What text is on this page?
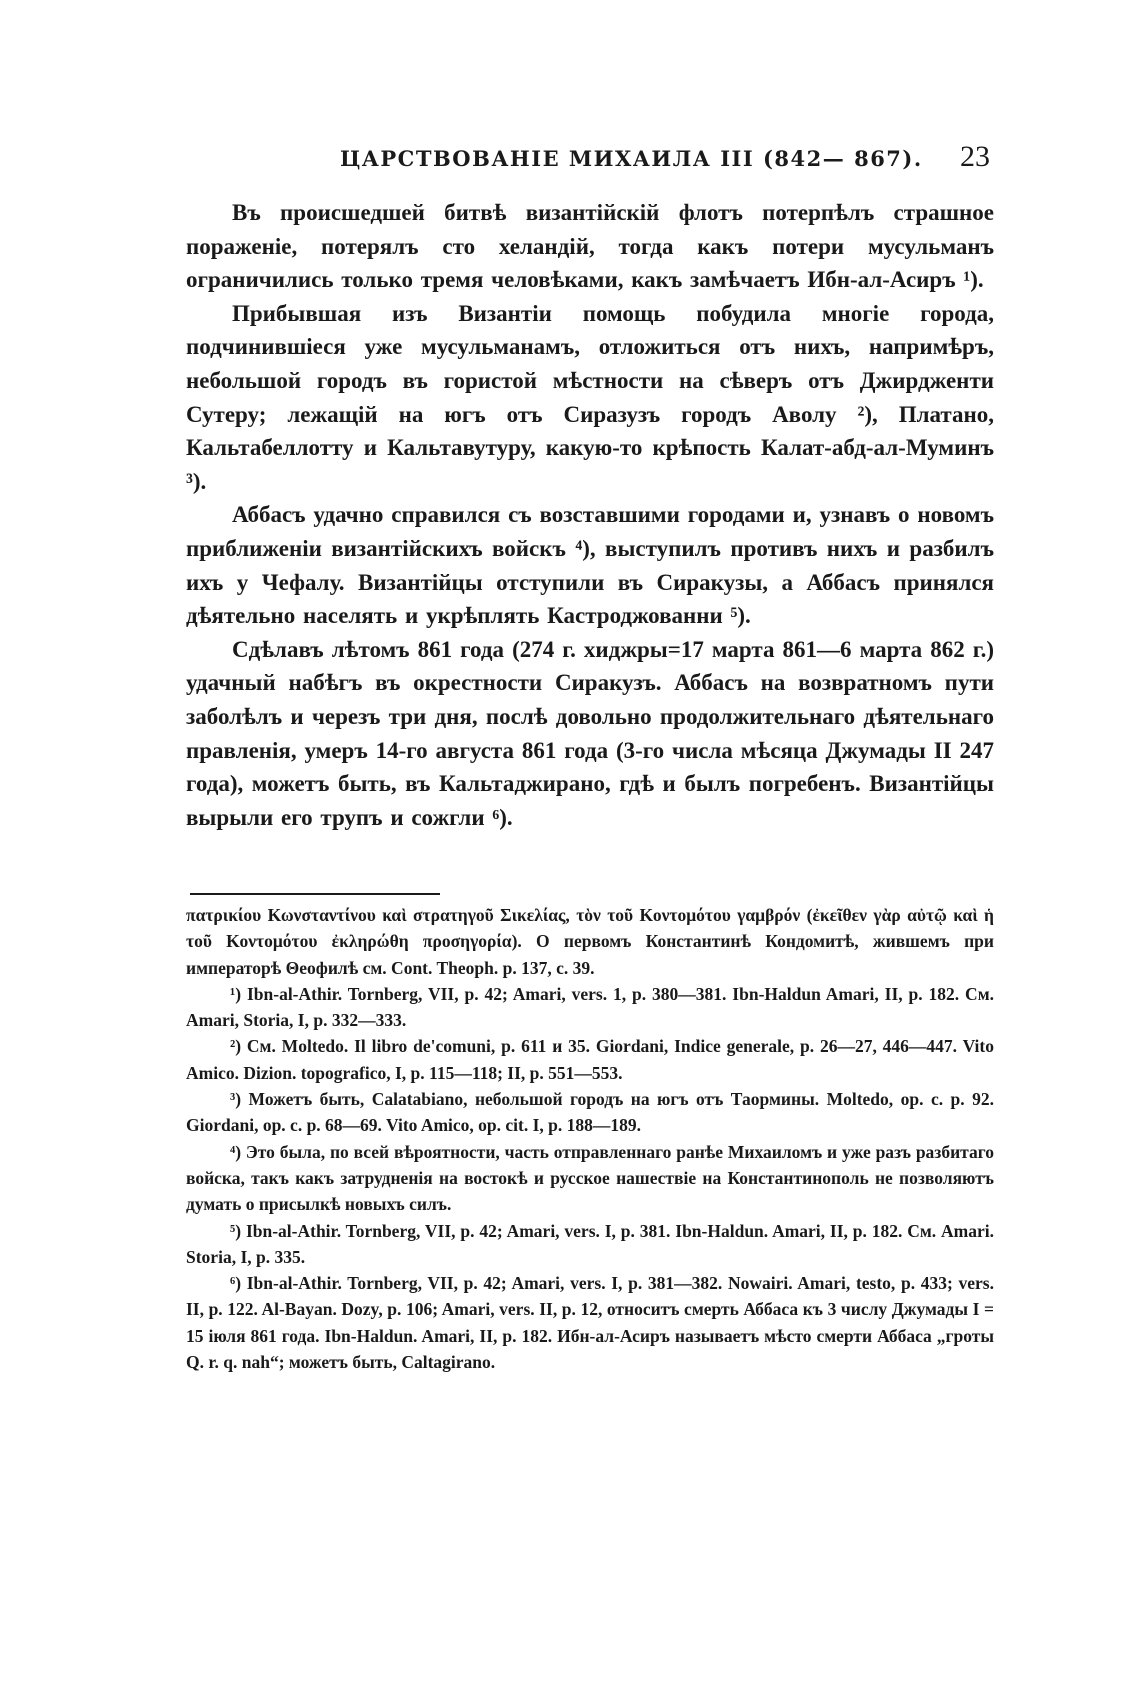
ЦАРСТВОВАНІЕ МИХАИЛА III (842— 867). 23

Въ происшедшей битвѣ византійскій флотъ потерпѣлъ страшное пораженіе, потерялъ сто хеландій, тогда какъ потери мусульманъ ограничились только тремя человѣками, какъ замѣчаетъ Ибн-ал-Асиръ ¹).

Прибывшая изъ Византіи помощь побудила многіе города, подчинившіеся уже мусульманамъ, отложиться отъ нихъ, напримѣръ, небольшой городъ въ гористой мѣстности на сѣверъ отъ Джирдженти Сутеру; лежащій на югъ отъ Сиразузъ городъ Аволу ²), Платано, Кальтабеллотту и Кальтавутуру, какую-то крѣпость Калат-абд-ал-Муминъ ³).

Аббасъ удачно справился съ возставшими городами и, узнавъ о новомъ приближеніи византійскихъ войскъ ⁴), выступилъ противъ нихъ и разбилъ ихъ у Чефалу. Византійцы отступили въ Сиракузы, а Аббасъ принялся дѣятельно населять и укрѣплять Кастроджованни ⁵).

Сдѣлавъ лѣтомъ 861 года (274 г. хиджры=17 марта 861—6 марта 862 г.) удачный набѣгъ въ окрестности Сиракузъ. Аббасъ на возвратномъ пути заболѣлъ и черезъ три дня, послѣ довольно продолжительнаго дѣятельнаго правленія, умеръ 14-го августа 861 года (3-го числа мѣсяца Джумады II 247 года), можетъ быть, въ Кальтаджирано, гдѣ и былъ погребенъ. Византійцы вырыли его трупъ и сожгли ⁶).

πατρικίου Κωνσταντίνου καὶ στρατηγοῦ Σικελίας, τὸν τοῦ Κοντομότου γαμβρόν (ἐκεῖθεν γὰρ αὐτῷ καὶ ἡ τοῦ Κοντομότου ἐκληρώθη προσηγορία). О первомъ Константинѣ Кондомитѣ, жившемъ при императорѣ Θеофилѣ см. Cont. Theoph. p. 137, с. 39.

¹) Ibn-al-Athir. Tornberg, VII, p. 42; Amari, vers. 1, p. 380—381. Ibn-Haldun Amari, II, p. 182. См. Amari, Storia, I, p. 332—333.

²) См. Moltedo. Il libro de'comuni, p. 611 и 35. Giordani, Indice generale, p. 26—27, 446—447. Vito Amico. Dizion. topografico, I, p. 115—118; II, p. 551—553.

³) Можетъ быть, Calatabiano, небольшой городъ на югъ отъ Таормины. Moltedo, op. c. p. 92. Giordani, op. c. p. 68—69. Vito Amico, op. cit. I, p. 188—189.

⁴) Это была, по всей вѣроятности, часть отправленнаго ранѣе Михаиломъ и уже разъ разбитаго войска, такъ какъ затрудненія на востокѣ и русское нашествіе на Константинополь не позволяютъ думать о присылкѣ новыхъ силъ.

⁵) Ibn-al-Athir. Tornberg, VII, p. 42; Amari, vers. I, p. 381. Ibn-Haldun. Amari, II, p. 182. См. Amari. Storia, I, p. 335.

⁶) Ibn-al-Athir. Tornberg, VII, p. 42; Amari, vers. I, p. 381—382. Nowairi. Amari, testo, p. 433; vers. II, p. 122. Al-Bayan. Dozy, p. 106; Amari, vers. II, p. 12, относитъ смерть Аббаса къ 3 числу Джумады I = 15 іюля 861 года. Ibn-Haldun. Amari, II, p. 182. Ибн-ал-Асиръ называетъ мѣсто смерти Аббаса „гроты Q. r. q. nah“; можетъ быть, Caltagirano.
